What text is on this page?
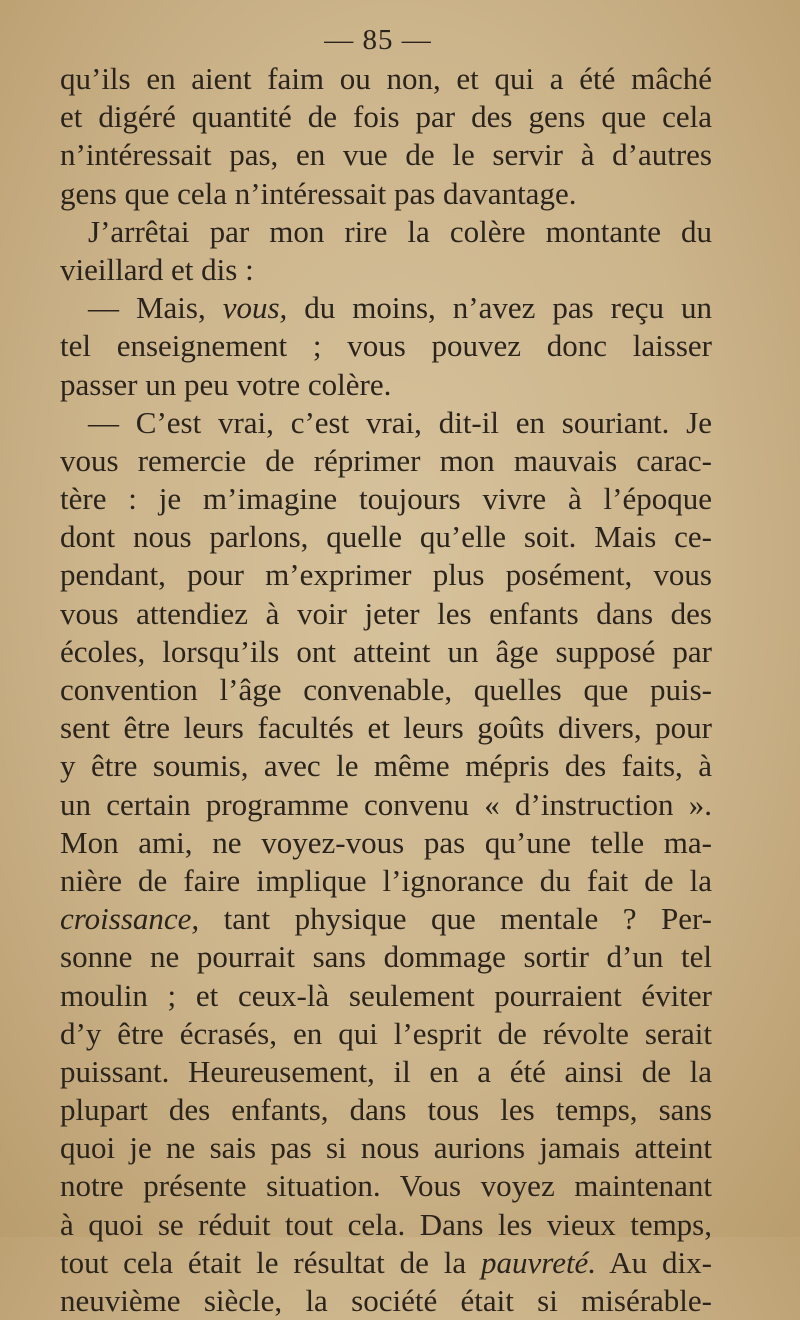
— 85 —
qu’ils en aient faim ou non, et qui a été mâché
et digéré quantité de fois par des gens que cela
n’intéressait pas, en vue de le servir à d’autres
gens que cela n’intéressait pas davantage.
J’arrêtai par mon rire la colère montante du
vieillard et dis :
— Mais, vous, du moins, n’avez pas reçu un
tel enseignement ; vous pouvez donc laisser
passer un peu votre colère.
— C’est vrai, c’est vrai, dit-il en souriant. Je
vous remercie de réprimer mon mauvais carac-
tère : je m’imagine toujours vivre à l’époque
dont nous parlons, quelle qu’elle soit. Mais ce-
pendant, pour m’exprimer plus posément, vous
vous attendiez à voir jeter les enfants dans des
écoles, lorsqu’ils ont atteint un âge supposé par
convention l’âge convenable, quelles que puis-
sent être leurs facultés et leurs goûts divers, pour
y être soumis, avec le même mépris des faits, à
un certain programme convenu « d’instruction ».
Mon ami, ne voyez-vous pas qu’une telle ma-
nière de faire implique l’ignorance du fait de la
croissance, tant physique que mentale ? Per-
sonne ne pourrait sans dommage sortir d’un tel
moulin ; et ceux-là seulement pourraient éviter
d’y être écrasés, en qui l’esprit de révolte serait
puissant. Heureusement, il en a été ainsi de la
plupart des enfants, dans tous les temps, sans
quoi je ne sais pas si nous aurions jamais atteint
notre présente situation. Vous voyez maintenant
à quoi se réduit tout cela. Dans les vieux temps,
tout cela était le résultat de la pauvreté. Au dix-
neuvième siècle, la société était si misérable-
